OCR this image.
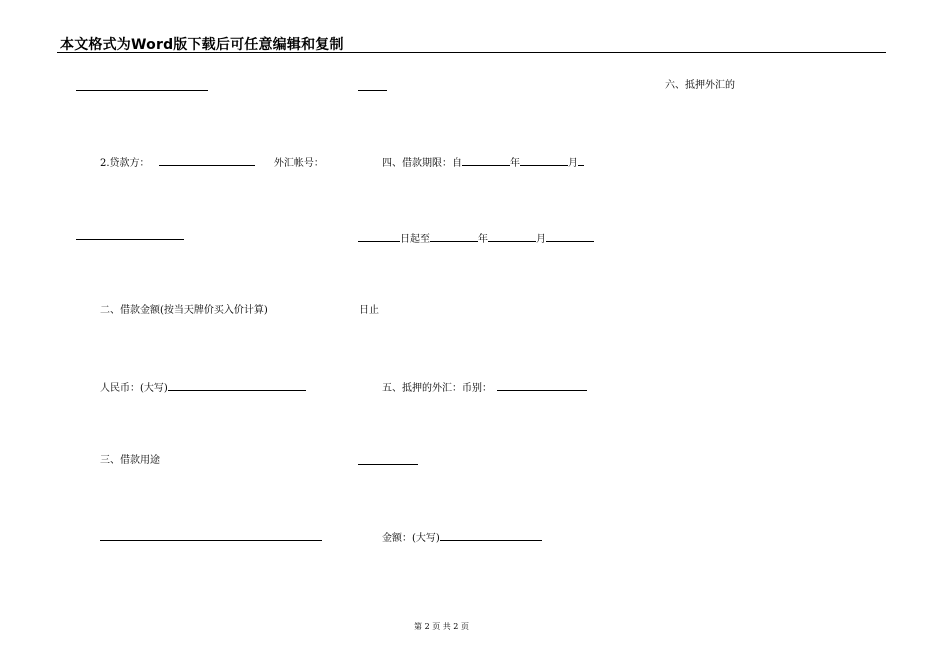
本文格式为Word版下载后可任意编辑和复制
2.贷款方：	外汇帐号：
二、借款金额(按当天牌价买入价计算)
人民币：(大写)
三、借款用途
四、借款期限：自	年	月
日起至	年	月
日止
五、抵押的外汇：币别：
金额：(大写)
六、抵押外汇的
第 2 页 共 2 页
